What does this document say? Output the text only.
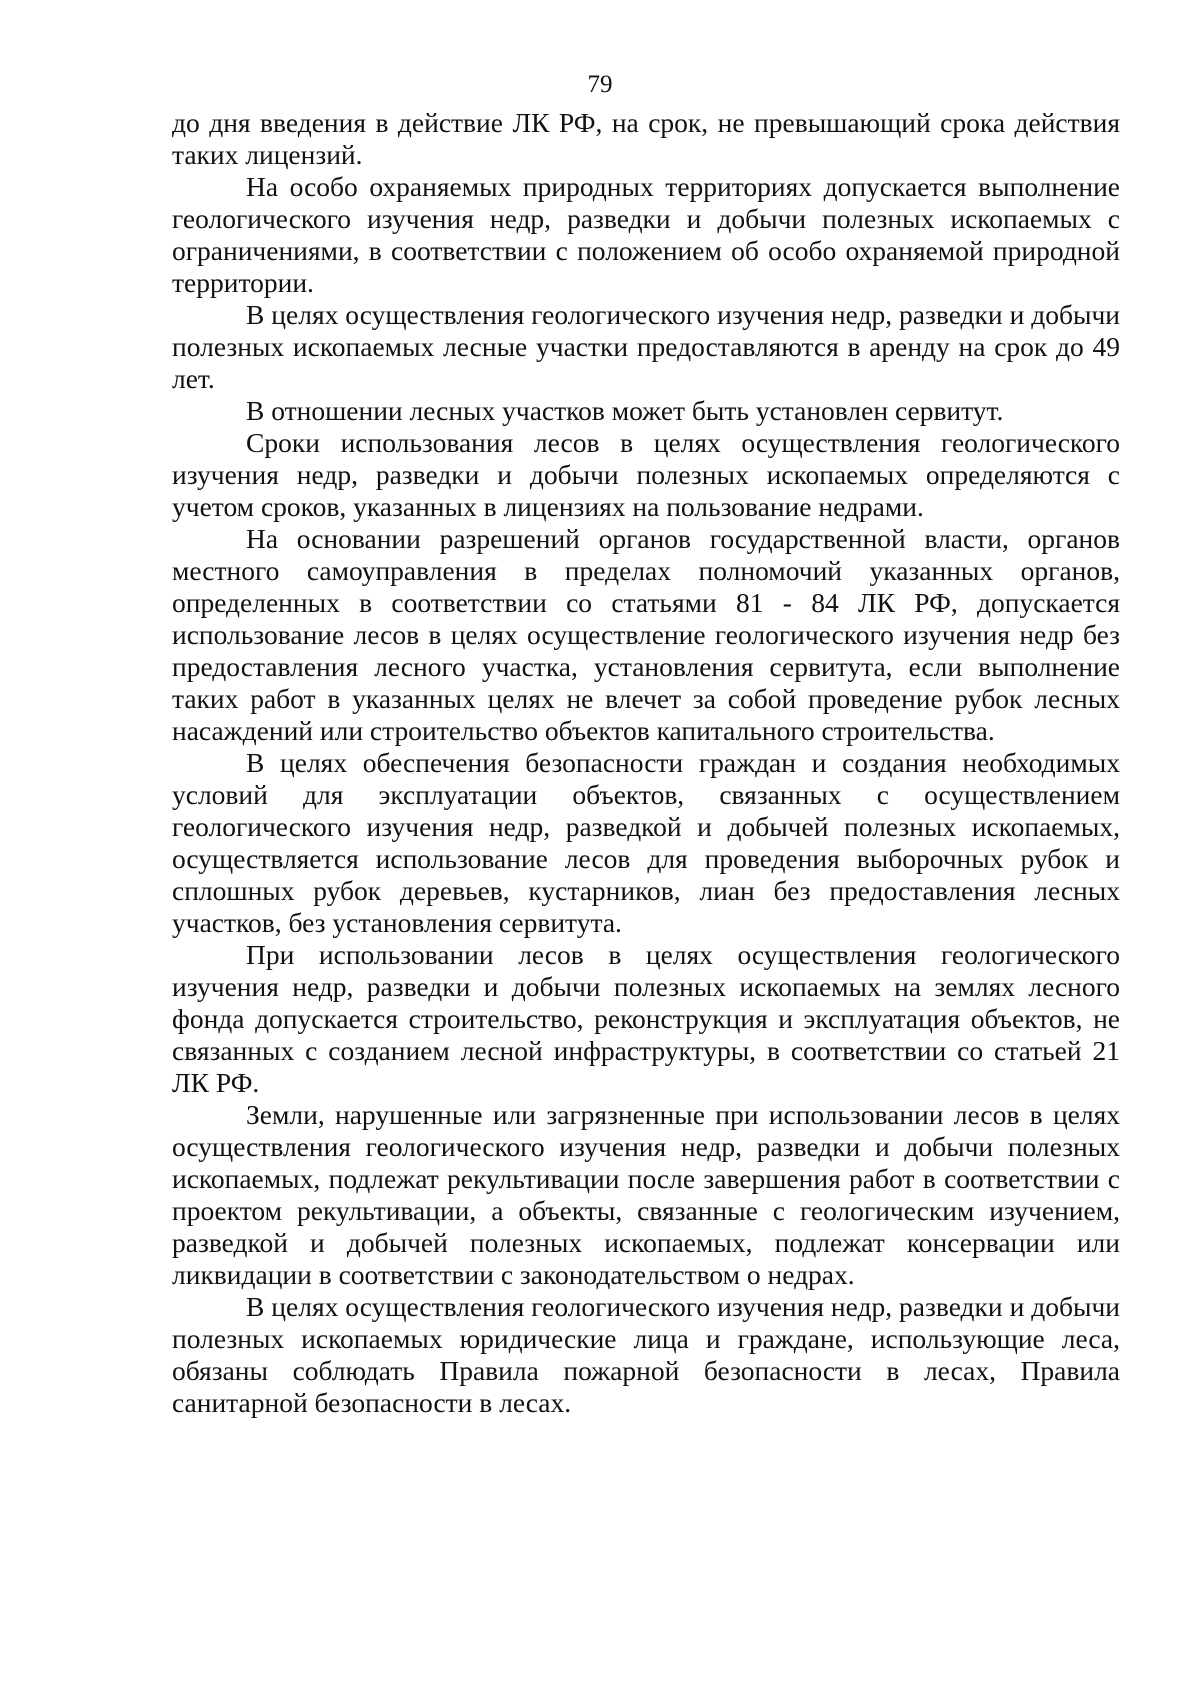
79

до дня введения в действие ЛК РФ, на срок, не превышающий срока действия таких лицензий.

На особо охраняемых природных территориях допускается выполнение геологического изучения недр, разведки и добычи полезных ископаемых с ограничениями, в соответствии с положением об особо охраняемой природной территории.

В целях осуществления геологического изучения недр, разведки и добычи полезных ископаемых лесные участки предоставляются в аренду на срок до 49 лет.

В отношении лесных участков может быть установлен сервитут.

Сроки использования лесов в целях осуществления геологического изучения недр, разведки и добычи полезных ископаемых определяются с учетом сроков, указанных в лицензиях на пользование недрами.

На основании разрешений органов государственной власти, органов местного самоуправления в пределах полномочий указанных органов, определенных в соответствии со статьями 81 - 84 ЛК РФ, допускается использование лесов в целях осуществление геологического изучения недр без предоставления лесного участка, установления сервитута, если выполнение таких работ в указанных целях не влечет за собой проведение рубок лесных насаждений или строительство объектов капитального строительства.

В целях обеспечения безопасности граждан и создания необходимых условий для эксплуатации объектов, связанных с осуществлением геологического изучения недр, разведкой и добычей полезных ископаемых, осуществляется использование лесов для проведения выборочных рубок и сплошных рубок деревьев, кустарников, лиан без предоставления лесных участков, без установления сервитута.

При использовании лесов в целях осуществления геологического изучения недр, разведки и добычи полезных ископаемых на землях лесного фонда допускается строительство, реконструкция и эксплуатация объектов, не связанных с созданием лесной инфраструктуры, в соответствии со статьей 21 ЛК РФ.

Земли, нарушенные или загрязненные при использовании лесов в целях осуществления геологического изучения недр, разведки и добычи полезных ископаемых, подлежат рекультивации после завершения работ в соответствии с проектом рекультивации, а объекты, связанные с геологическим изучением, разведкой и добычей полезных ископаемых, подлежат консервации или ликвидации в соответствии с законодательством о недрах.

В целях осуществления геологического изучения недр, разведки и добычи полезных ископаемых юридические лица и граждане, использующие леса, обязаны соблюдать Правила пожарной безопасности в лесах, Правила санитарной безопасности в лесах.
